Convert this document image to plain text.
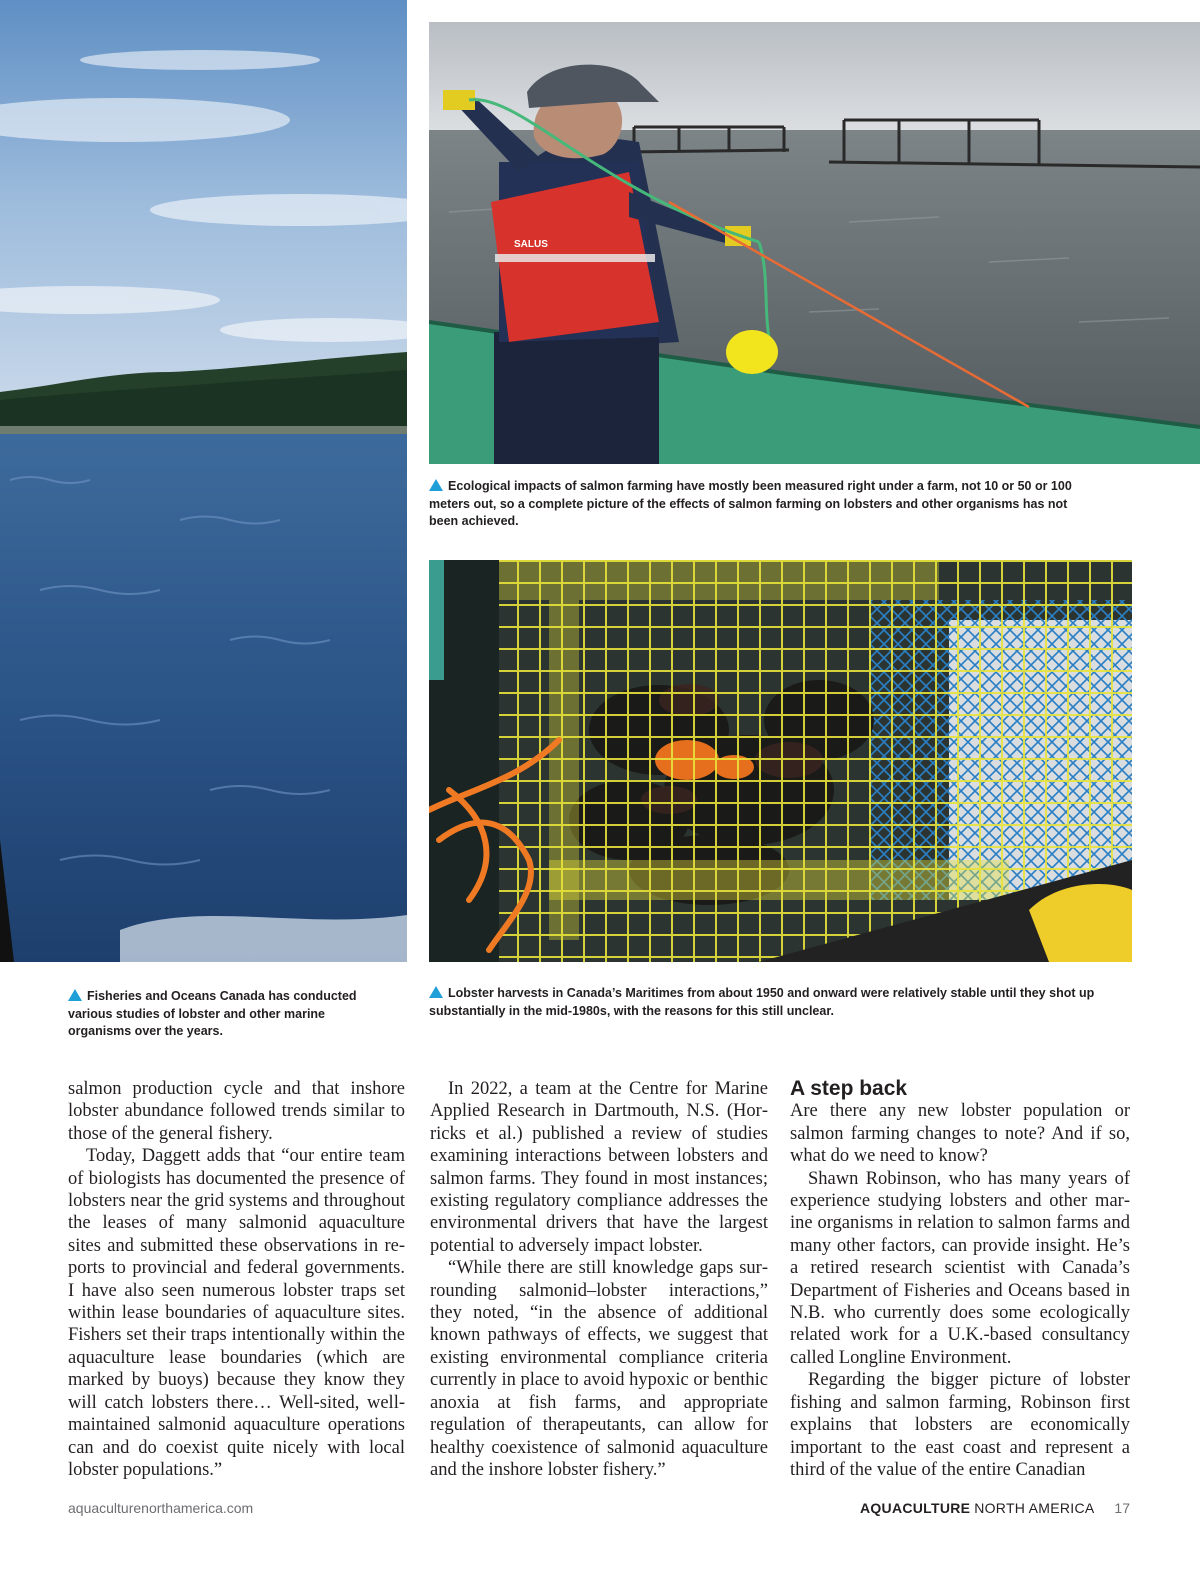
SALUS

Ecological impacts of salmon farming have mostly been measured right under a farm, not 10 or 50 or 100 meters out, so a complete picture of the effects of salmon farming on lobsters and other organisms has not been achieved.

Lobster harvests in Canada’s Maritimes from about 1950 and onward were relatively stable until they shot up substantially in the mid-1980s, with the reasons for this still unclear.

Fisheries and Oceans Canada has conducted various studies of lobster and other marine organisms over the years.

salmon production cycle and that inshore lobster abundance followed trends similar to those of the general fishery.

Today, Daggett adds that “our entire team of biologists has documented the presence of lobsters near the grid systems and throughout the leases of many salmonid aquaculture sites and submitted these observations in reports to provincial and federal governments. I have also seen numerous lobster traps set within lease boundaries of aquaculture sites. Fishers set their traps intentionally within the aquaculture lease boundaries (which are marked by buoys) because they know they will catch lobsters there… Well-sited, well-maintained salmonid aquaculture operations can and do coexist quite nicely with local lobster populations.”

In 2022, a team at the Centre for Marine Applied Research in Dartmouth, N.S. (Horricks et al.) published a review of studies examining interactions between lobsters and salmon farms. They found in most instances; existing regulatory compliance addresses the environmental drivers that have the largest potential to adversely impact lobster.

“While there are still knowledge gaps surrounding salmonid–lobster interactions,” they noted, “in the absence of additional known pathways of effects, we suggest that existing environmental compliance criteria currently in place to avoid hypoxic or benthic anoxia at fish farms, and appropriate regulation of therapeutants, can allow for healthy coexistence of salmonid aquaculture and the inshore lobster fishery.”

A step back

Are there any new lobster population or salmon farming changes to note? And if so, what do we need to know?

Shawn Robinson, who has many years of experience studying lobsters and other marine organisms in relation to salmon farms and many other factors, can provide insight. He’s a retired research scientist with Canada’s Department of Fisheries and Oceans based in N.B. who currently does some ecologically related work for a U.K.-based consultancy called Longline Environment.

Regarding the bigger picture of lobster fishing and salmon farming, Robinson first explains that lobsters are economically important to the east coast and represent a third of the value of the entire Canadian

aquaculturenorthamerica.com	AQUACULTURE NORTH AMERICA 17
